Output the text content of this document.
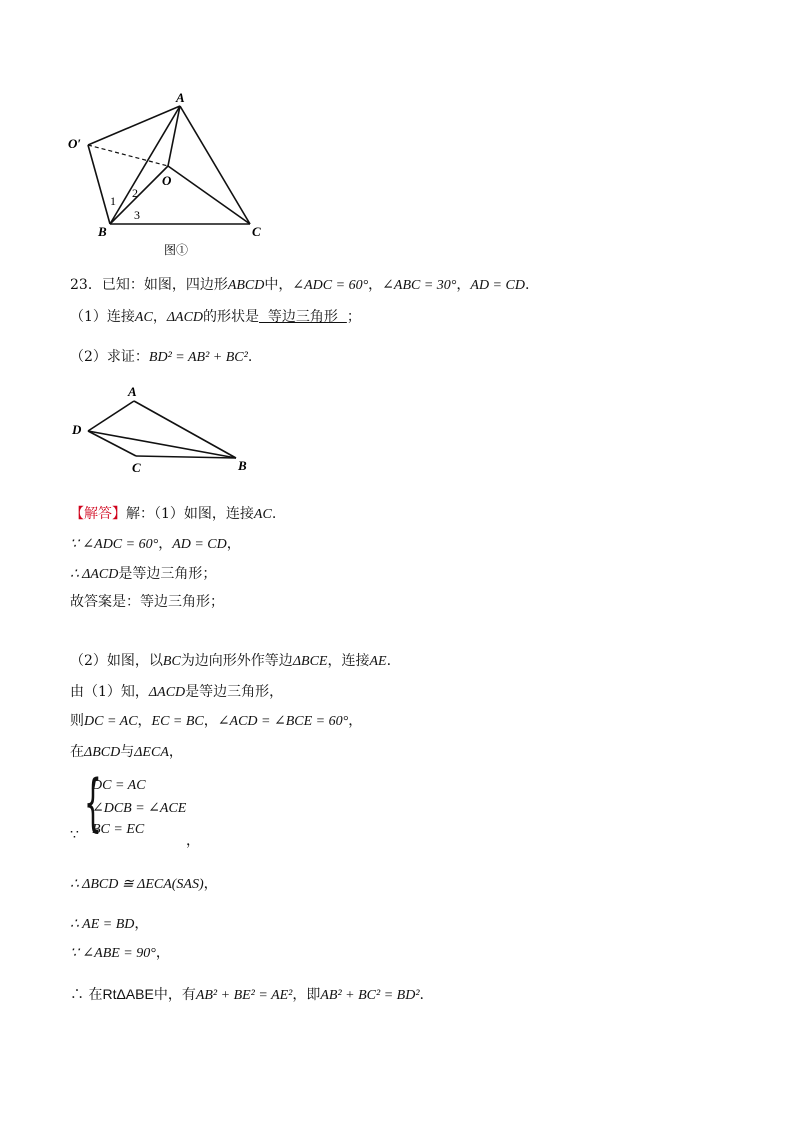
A
O′
O
1
2
3
B	C
图①
23．已知：如图，四边形ABCD中，∠ADC = 60°，∠ABC = 30°，AD = CD.
（1）连接AC，ΔACD的形状是  等边三角形  ；
（2）求证：BD² = AB² + BC².
A
D
C	B
【解答】解：（1）如图，连接AC.
∵ ∠ADC = 60°，AD = CD，
∴ ΔACD是等边三角形；
故答案是：等边三角形；
（2）如图，以BC为边向形外作等边ΔBCE，连接AE.
由（1）知，ΔACD是等边三角形，
则DC = AC，EC = BC，∠ACD = ∠BCE = 60°，
在ΔBCD与ΔECA，
∵ {
DC = AC
∠DCB = ∠ACE
BC = EC
，
∴ ΔBCD ≅ ΔECA(SAS)，
∴ AE = BD，
∵ ∠ABE = 90°，
∴ 在RtΔABE中，有AB² + BE² = AE²，即AB² + BC² = BD².
